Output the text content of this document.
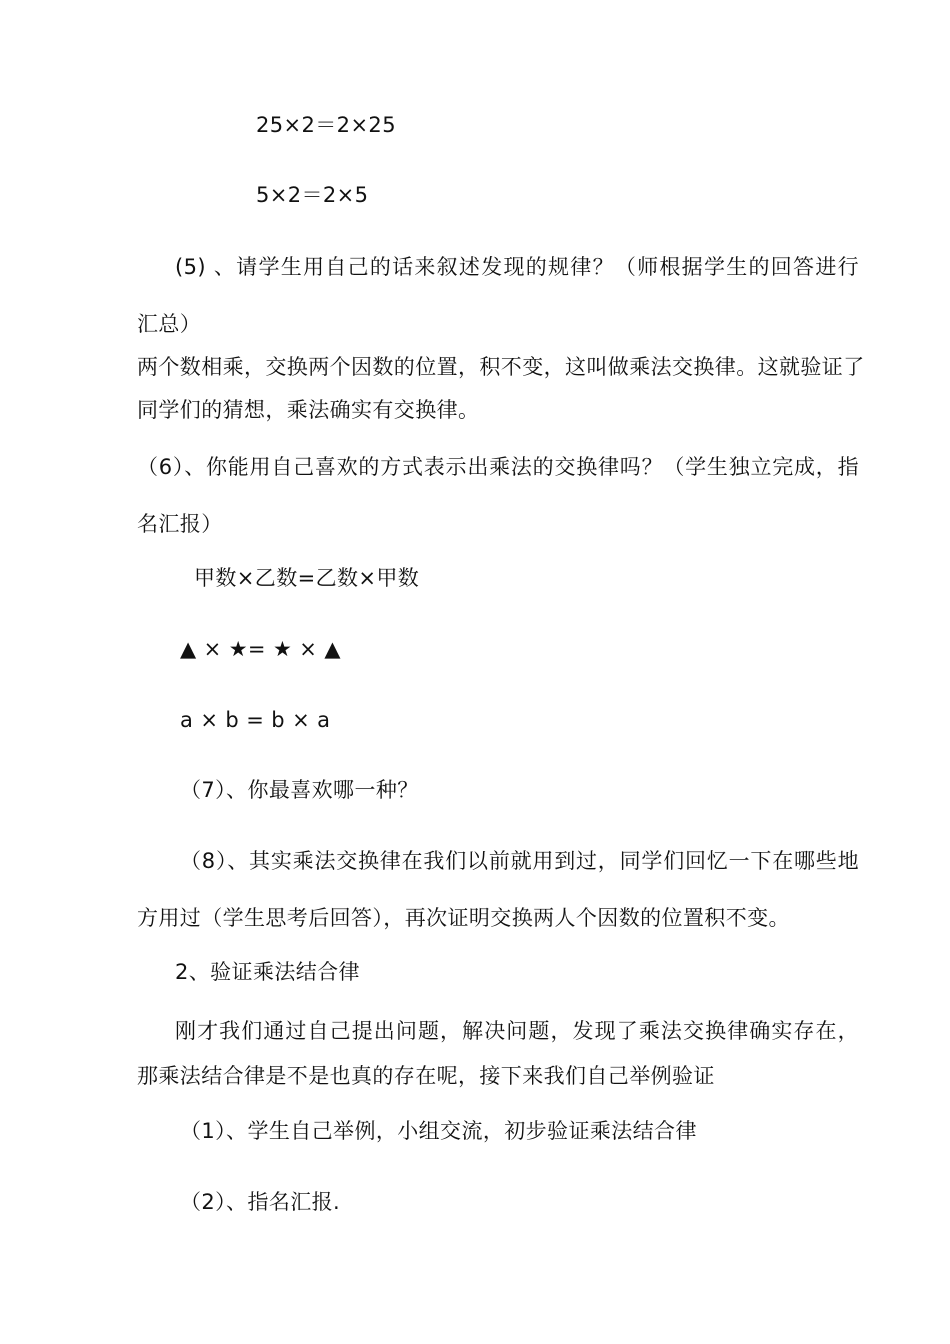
25×2＝2×25
5×2＝2×5
(5) 、请学生用自己的话来叙述发现的规律？（师根据学生的回答进行
汇总）
两个数相乘，交换两个因数的位置，积不变，这叫做乘法交换律。这就验证了
同学们的猜想，乘法确实有交换律。
（6）、你能用自己喜欢的方式表示出乘法的交换律吗？（学生独立完成，指
名汇报）
甲数×乙数=乙数×甲数
▲ × ★= ★ × ▲
a × b = b × a
（7）、你最喜欢哪一种？
（8）、其实乘法交换律在我们以前就用到过，同学们回忆一下在哪些地
方用过（学生思考后回答），再次证明交换两人个因数的位置积不变。
2、验证乘法结合律
刚才我们通过自己提出问题，解决问题，发现了乘法交换律确实存在，
那乘法结合律是不是也真的存在呢，接下来我们自己举例验证
（1）、学生自己举例，小组交流，初步验证乘法结合律
（2）、指名汇报.
